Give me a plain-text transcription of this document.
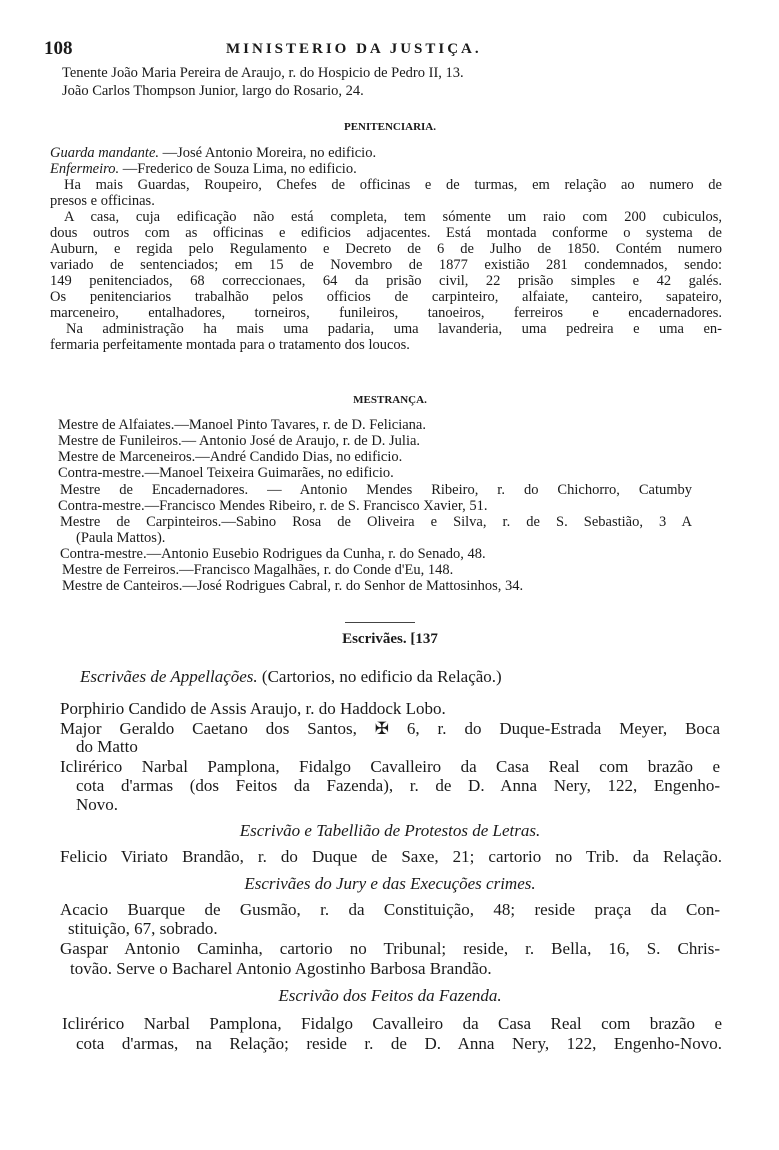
108	MINISTERIO DA JUSTIÇA.
Tenente João Maria Pereira de Araujo, r. do Hospicio de Pedro II, 13.
João Carlos Thompson Junior, largo do Rosario, 24.
PENITENCIARIA.
Guarda mandante. —José Antonio Moreira, no edificio.
Enfermeiro. —Frederico de Souza Lima, no edificio.
Ha mais Guardas, Roupeiro, Chefes de officinas e de turmas, em relação ao numero de
presos e officinas.
A casa, cuja edificação não está completa, tem sómente um raio com 200 cubiculos,
dous outros com as officinas e edificios adjacentes. Está montada conforme o systema de
Auburn, e regida pelo Regulamento e Decreto de 6 de Julho de 1850. Contém numero
variado de sentenciados; em 15 de Novembro de 1877 existião 281 condemnados, sendo:
149 penitenciados, 68 correccionaes, 64 da prisão civil, 22 prisão simples e 42 galés.
Os penitenciarios trabalhão pelos officios de carpinteiro, alfaiate, canteiro, sapateiro,
marceneiro, entalhadores, torneiros, funileiros, tanoeiros, ferreiros e encadernadores.
Na administração ha mais uma padaria, uma lavanderia, uma pedreira e uma en-
fermaria perfeitamente montada para o tratamento dos loucos.
MESTRANÇA.
Mestre de Alfaiates.—Manoel Pinto Tavares, r. de D. Feliciana.
Mestre de Funileiros.— Antonio José de Araujo, r. de D. Julia.
Mestre de Marceneiros.—André Candido Dias, no edificio.
Contra-mestre.—Manoel Teixeira Guimarães, no edificio.
Mestre de Encadernadores. — Antonio Mendes Ribeiro, r. do Chichorro, Catumby
Contra-mestre.—Francisco Mendes Ribeiro, r. de S. Francisco Xavier, 51.
Mestre de Carpinteiros.—Sabino Rosa de Oliveira e Silva, r. de S. Sebastião, 3 A
(Paula Mattos).
Contra-mestre.—Antonio Eusebio Rodrigues da Cunha, r. do Senado, 48.
Mestre de Ferreiros.—Francisco Magalhães, r. do Conde d'Eu, 148.
Mestre de Canteiros.—José Rodrigues Cabral, r. do Senhor de Mattosinhos, 34.
Escrivães. [137
Escrivães de Appellações. (Cartorios, no edificio da Relação.)
Porphirio Candido de Assis Araujo, r. do Haddock Lobo.
Major Geraldo Caetano dos Santos, ✠ 6, r. do Duque-Estrada Meyer, Boca
do Matto
Iclirérico Narbal Pamplona, Fidalgo Cavalleiro da Casa Real com brazão e
cota d'armas (dos Feitos da Fazenda), r. de D. Anna Nery, 122, Engenho-
Novo.
Escrivão e Tabellião de Protestos de Letras.
Felicio Viriato Brandão, r. do Duque de Saxe, 21; cartorio no Trib. da Relação.
Escrivães do Jury e das Execuções crimes.
Acacio Buarque de Gusmão, r. da Constituição, 48; reside praça da Con-
stituição, 67, sobrado.
Gaspar Antonio Caminha, cartorio no Tribunal; reside, r. Bella, 16, S. Chris-
tovão. Serve o Bacharel Antonio Agostinho Barbosa Brandão.
Escrivão dos Feitos da Fazenda.
Iclirérico Narbal Pamplona, Fidalgo Cavalleiro da Casa Real com brazão e
cota d'armas, na Relação; reside r. de D. Anna Nery, 122, Engenho-Novo.
